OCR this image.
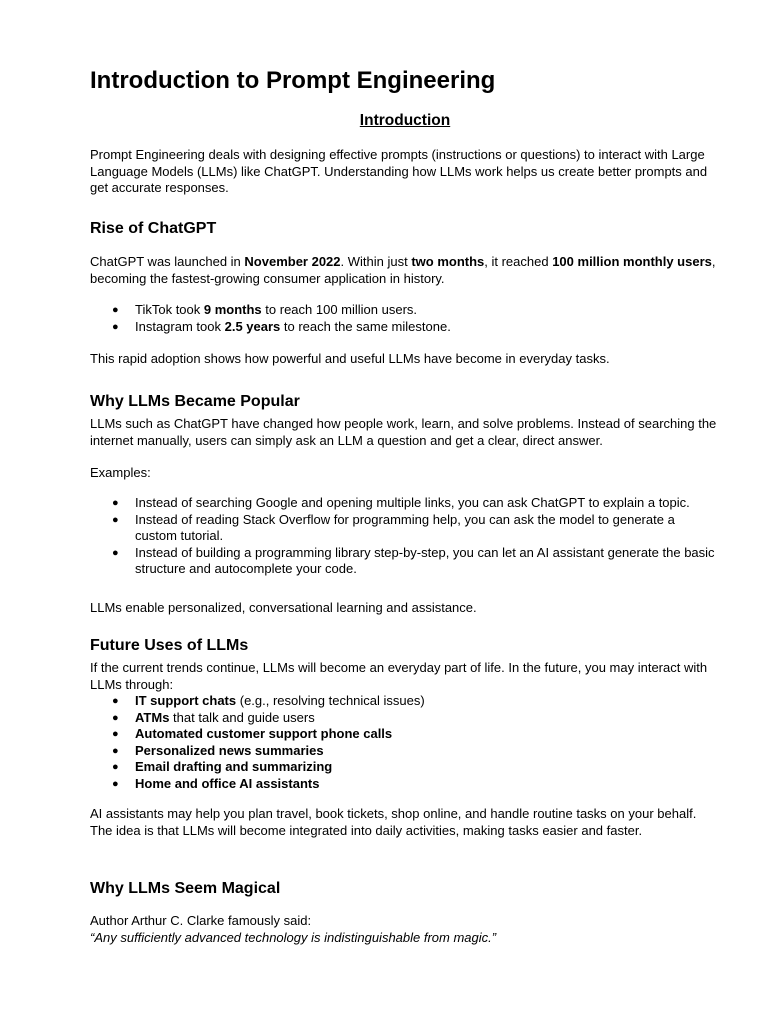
Introduction to Prompt Engineering

Introduction

Prompt Engineering deals with designing effective prompts (instructions or questions) to interact with Large Language Models (LLMs) like ChatGPT. Understanding how LLMs work helps us create better prompts and get accurate responses.

Rise of ChatGPT

ChatGPT was launched in November 2022. Within just two months, it reached 100 million monthly users, becoming the fastest-growing consumer application in history.

● TikTok took 9 months to reach 100 million users.
● Instagram took 2.5 years to reach the same milestone.

This rapid adoption shows how powerful and useful LLMs have become in everyday tasks.

Why LLMs Became Popular

LLMs such as ChatGPT have changed how people work, learn, and solve problems. Instead of searching the internet manually, users can simply ask an LLM a question and get a clear, direct answer.

Examples:

● Instead of searching Google and opening multiple links, you can ask ChatGPT to explain a topic.
● Instead of reading Stack Overflow for programming help, you can ask the model to generate a custom tutorial.
● Instead of building a programming library step-by-step, you can let an AI assistant generate the basic structure and autocomplete your code.

LLMs enable personalized, conversational learning and assistance.

Future Uses of LLMs

If the current trends continue, LLMs will become an everyday part of life. In the future, you may interact with LLMs through:

● IT support chats (e.g., resolving technical issues)
● ATMs that talk and guide users
● Automated customer support phone calls
● Personalized news summaries
● Email drafting and summarizing
● Home and office AI assistants

AI assistants may help you plan travel, book tickets, shop online, and handle routine tasks on your behalf. The idea is that LLMs will become integrated into daily activities, making tasks easier and faster.

Why LLMs Seem Magical

Author Arthur C. Clarke famously said:

“Any sufficiently advanced technology is indistinguishable from magic.”
